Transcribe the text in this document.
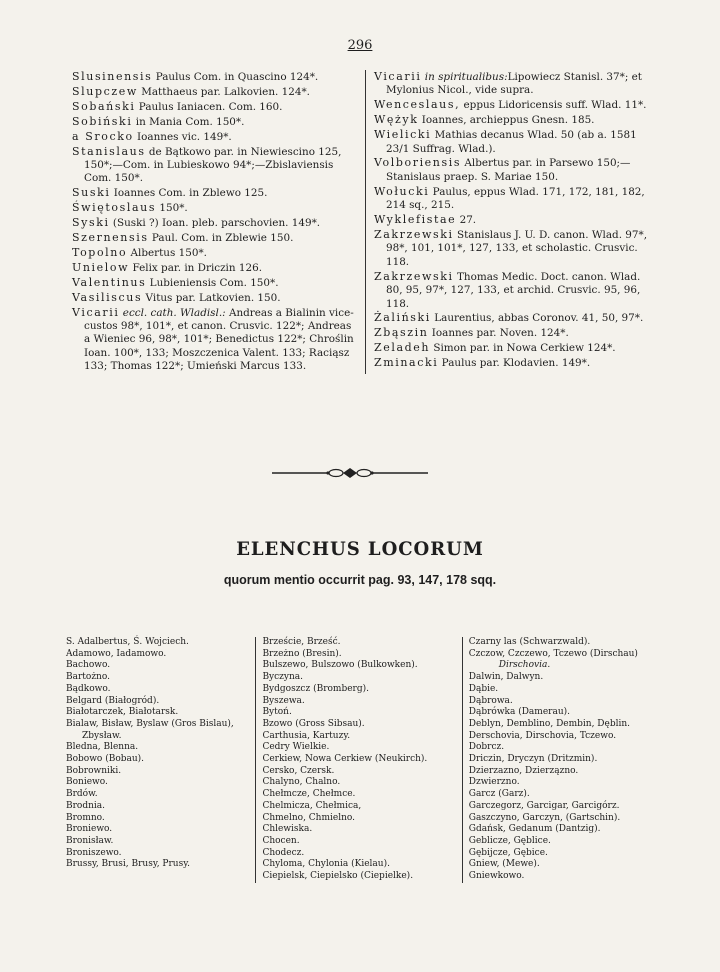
296
Slusinensis Paulus Com. in Quascino 124*.
Slupczew Matthaeus par. Lalkovien. 124*.
Sobański Paulus Ianiacen. Com. 160.
Sobiński in Mania Com. 150*.
a Srocko Ioannes vic. 149*.
Stanislaus de Bątkowo par. in Niewiescino 125, 150*;—Com. in Lubieskowo 94*;—Zbislaviensis Com. 150*.
Suski Ioannes Com. in Zblewo 125.
Świętoslaus 150*.
Syski (Suski ?) Ioan. pleb. parschovien. 149*.
Szernensis Paul. Com. in Zblewie 150.
Topolno Albertus 150*.
Unielow Felix par. in Driczin 126.
Valentinus Lubieniensis Com. 150*.
Vasiliscus Vitus par. Latkovien. 150.
Vicarii eccl. cath. Wladisl.: Andreas a Bialinin vice-custos 98*, 101*, et canon. Crusvic. 122*; Andreas a Wieniec 96, 98*, 101*; Benedictus 122*; Chroślin Ioan. 100*, 133; Moszczenica Valent. 133; Raciąsz 133; Thomas 122*; Umieński Marcus 133.
Vicarii in spiritualibus:Lipowiecz Stanisl. 37*; et Mylonius Nicol., vide supra.
Wenceslaus, eppus Lidoricensis suff. Wlad. 11*.
Wężyk Ioannes, archieppus Gnesn. 185.
Wielicki Mathias decanus Wlad. 50 (ab a. 1581 23/1 Suffrag. Wlad.).
Volboriensis Albertus par. in Parsewo 150;—Stanislaus praep. S. Mariae 150.
Wołucki Paulus, eppus Wlad. 171, 172, 181, 182, 214 sq., 215.
Wyklefistae 27.
Zakrzewski Stanislaus J. U. D. canon. Wlad. 97*, 98*, 101, 101*, 127, 133, et scholastic. Crusvic. 118.
Zakrzewski Thomas Medic. Doct. canon. Wlad. 80, 95, 97*, 127, 133, et archid. Crusvic. 95, 96, 118.
Żaliński Laurentius, abbas Coronov. 41, 50, 97*.
Zbąszin Ioannes par. Noven. 124*.
Zeladeh Simon par. in Nowa Cerkiew 124*.
Zminacki Paulus par. Klodavien. 149*.
ELENCHUS LOCORUM
quorum mentio occurrit pag. 93, 147, 178 sqq.
S. Adalbertus, Ś. Wojciech.
Adamowo, Iadamowo.
Bachowo.
Bartożno.
Bądkowo.
Belgard (Białogród).
Białotarczek, Białotarsk.
Bialaw, Bisław, Byslaw (Gros Bislau),
Zbysław.
Bledna, Blenna.
Bobowo (Bobau).
Bobrowniki.
Boniewo.
Brdów.
Brodnia.
Bromno.
Broniewo.
Bronisław.
Broniszewo.
Brussy, Brusi, Brusy, Prusy.
Brzeście, Brześć.
Brzeżno (Bresin).
Bulszewo, Bulszowo (Bulkowken).
Byczyna.
Bydgoszcz (Bromberg).
Byszewa.
Bytoń.
Bzowo (Gross Sibsau).
Carthusia, Kartuzy.
Cedry Wielkie.
Cerkiew, Nowa Cerkiew (Neukirch).
Cersko, Czersk.
Chalyno, Chalno.
Chełmcze, Chełmce.
Chelmicza, Chełmica,
Chmelno, Chmielno.
Chlewiska.
Chocen.
Chodecz.
Chyloma, Chylonia (Kielau).
Ciepielsk, Ciepielsko (Ciepielke).
Czarny las (Schwarzwald).
Czczow, Czczewo, Tczewo (Dirschau)
Dirschovia.
Dalwin, Dalwyn.
Dąbie.
Dąbrowa.
Dąbrówka (Damerau).
Deblyn, Demblino, Dembin, Dęblin.
Derschovia, Dirschovia, Tczewo.
Dobrcz.
Driczin, Dryczyn (Dritzmin).
Dzierzazno, Dzierzązno.
Dzwierzno.
Garcz (Garz).
Garczegorz, Garcigar, Garcigórz.
Gaszczyno, Garczyn, (Gartschin).
Gdańsk, Gedanum (Dantzig).
Geblicze, Gęblice.
Gębijcze, Gębice.
Gniew, (Mewe).
Gniewkowo.
